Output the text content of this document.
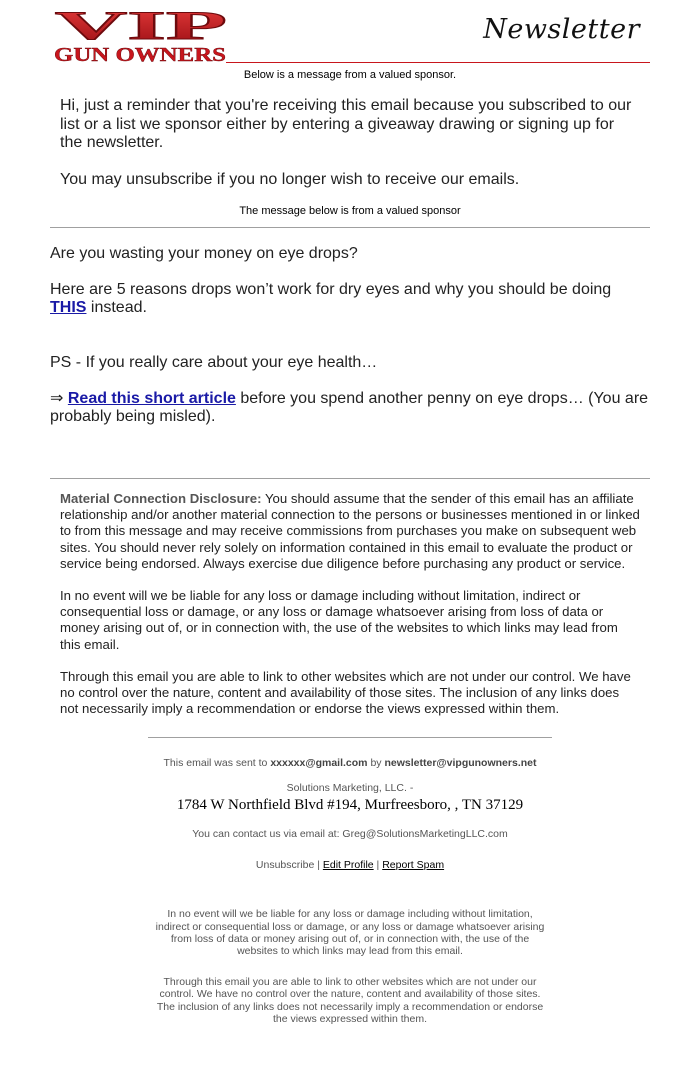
VIP
GUN OWNERS
Newsletter
Below is a message from a valued sponsor.

Hi, just a reminder that you're receiving this email because you subscribed to our list or a list we sponsor either by entering a giveaway drawing or signing up for the newsletter.

You may unsubscribe if you no longer wish to receive our emails.

The message below is from a valued sponsor

Are you wasting your money on eye drops?

Here are 5 reasons drops won’t work for dry eyes and why you should be doing THIS instead.

PS - If you really care about your eye health…

⇒ Read this short article before you spend another penny on eye drops… (You are probably being misled).

Material Connection Disclosure: You should assume that the sender of this email has an affiliate relationship and/or another material connection to the persons or businesses mentioned in or linked to from this message and may receive commissions from purchases you make on subsequent web sites. You should never rely solely on information contained in this email to evaluate the product or service being endorsed. Always exercise due diligence before purchasing any product or service.

In no event will we be liable for any loss or damage including without limitation, indirect or consequential loss or damage, or any loss or damage whatsoever arising from loss of data or money arising out of, or in connection with, the use of the websites to which links may lead from this email.

Through this email you are able to link to other websites which are not under our control. We have no control over the nature, content and availability of those sites. The inclusion of any links does not necessarily imply a recommendation or endorse the views expressed within them.

This email was sent to xxxxxx@gmail.com by newsletter@vipgunowners.net
Solutions Marketing, LLC. -
1784 W Northfield Blvd #194, Murfreesboro, , TN 37129
You can contact us via email at: Greg@SolutionsMarketingLLC.com
Unsubscribe | Edit Profile | Report Spam
In no event will we be liable for any loss or damage including without limitation, indirect or consequential loss or damage, or any loss or damage whatsoever arising from loss of data or money arising out of, or in connection with, the use of the websites to which links may lead from this email.
Through this email you are able to link to other websites which are not under our control. We have no control over the nature, content and availability of those sites. The inclusion of any links does not necessarily imply a recommendation or endorse the views expressed within them.
